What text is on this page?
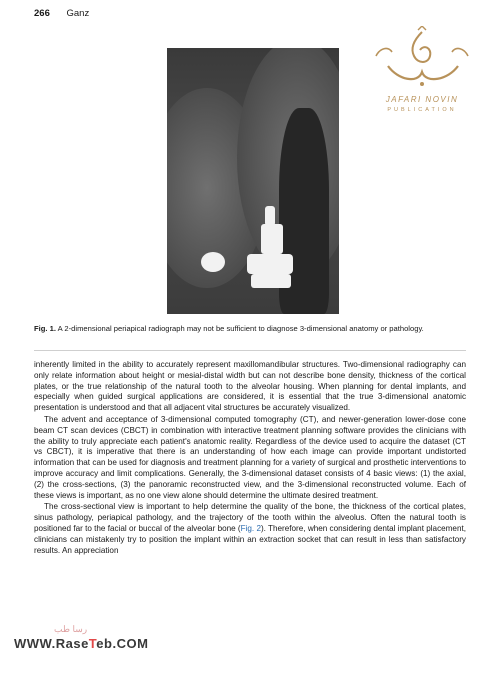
266 Ganz
JAFARI NOVIN
PUBLICATION
Fig. 1. A 2-dimensional periapical radiograph may not be sufficient to diagnose 3-dimensional anatomy or pathology.

inherently limited in the ability to accurately represent maxillomandibular structures. Two-dimensional radiography can only relate information about height or mesial-distal width but can not describe bone density, thickness of the cortical plates, or the true relationship of the natural tooth to the alveolar housing. When planning for dental implants, and especially when guided surgical applications are considered, it is essential that the true 3-dimensional anatomic presentation is understood and that all adjacent vital structures be accurately visualized.

The advent and acceptance of 3-dimensional computed tomography (CT), and newer-generation lower-dose cone beam CT scan devices (CBCT) in combination with interactive treatment planning software provides the clinicians with the ability to truly appreciate each patient's anatomic reality. Regardless of the device used to acquire the dataset (CT vs CBCT), it is imperative that there is an understanding of how each image can provide important undistorted information that can be used for diagnosis and treatment planning for a variety of surgical and prosthetic interventions to improve accuracy and limit complications. Generally, the 3-dimensional dataset consists of 4 basic views: (1) the axial, (2) the cross-sections, (3) the panoramic reconstructed view, and the 3-dimensional reconstructed volume. Each of these views is important, as no one view alone should determine the ultimate desired treatment.

The cross-sectional view is important to help determine the quality of the bone, the thickness of the cortical plates, sinus pathology, periapical pathology, and the trajectory of the tooth within the alveolus. Often the natural tooth is positioned far to the facial or buccal of the alveolar bone (Fig. 2). Therefore, when considering dental implant placement, clinicians can mistakenly try to position the implant within an extraction socket that can result in less than satisfactory results. An appreciation

رسا طب
WWW.RaseTeb.COM
